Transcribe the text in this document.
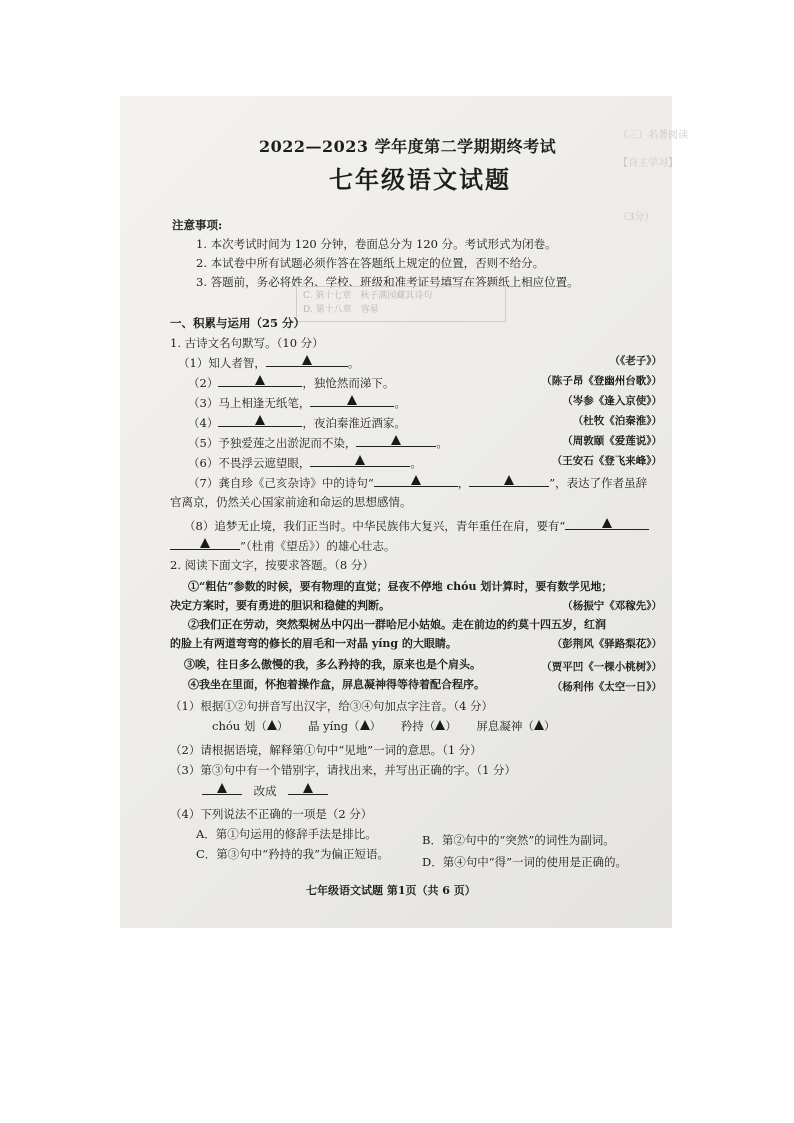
（三）名著阅读
【自主学习】
（3分）
2022—2023 学年度第二学期期终考试
七年级语文试题
注意事项:
1. 本次考试时间为 120 分钟，卷面总分为 120 分。考试形式为闭卷。
2. 本试卷中所有试题必须作答在答题纸上规定的位置，否则不给分。
3. 答题前，务必将姓名、学校、班级和准考证号填写在答题纸上相应位置。
C. 第十七章　秋子满园藏其诗句
D. 第十八章　容易
一、积累与运用（25 分）
1. 古诗文名句默写。（10 分）
（1）知人者智，	。	（《老子》）
（2）	，独怆然而涕下。	（陈子昂《登幽州台歌》）
（3）马上相逢无纸笔，	。	（岑参《逢入京使》）
（4）	，夜泊秦淮近酒家。	（杜牧《泊秦淮》）
（5）予独爱莲之出淤泥而不染，	。	（周敦颐《爱莲说》）
（6）不畏浮云遮望眼，	。	（王安石《登飞来峰》）
（7）龚自珍《己亥杂诗》中的诗句“	，	”，表达了作者虽辞
官离京，仍然关心国家前途和命运的思想感情。
（8）追梦无止境，我们正当时。中华民族伟大复兴，青年重任在肩，要有“
”（杜甫《望岳》）的雄心壮志。
2. 阅读下面文字，按要求答题。（8 分）
①“粗估”参数的时候，要有物理的直觉；昼夜不停地 chóu 划计算时，要有数学见地；
决定方案时，要有勇进的胆识和稳健的判断。	（杨振宁《邓稼先》）
②我们正在劳动，突然梨树丛中闪出一群哈尼小姑娘。走在前边的约莫十四五岁，红润
的脸上有两道弯弯的修长的眉毛和一对晶 yíng 的大眼睛。	（彭荆风《驿路梨花》）
③唉，往日多么傲慢的我，多么矜持的我，原来也是个肩头。	（贾平凹《一棵小桃树》）
④我坐在里面，怀抱着操作盒，屏息凝神得等待着配合程序。	（杨利伟《太空一日》）
（1）根据①②句拼音写出汉字，给③④句加点字注音。（4 分）
chóu 划（ ） 晶 yíng（ ） 矜持（ ） 屏息凝神（ ）
（2）请根据语境，解释第①句中“见地”一词的意思。（1 分）
（3）第③句中有一个错别字，请找出来，并写出正确的字。（1 分）
改成
（4）下列说法不正确的一项是（2 分）
A．第①句运用的修辞手法是排比。	B．第②句中的“突然”的词性为副词。
C．第③句中“矜持的我”为偏正短语。
D．第④句中“得”一词的使用是正确的。
七年级语文试题 第1页（共 6 页）
